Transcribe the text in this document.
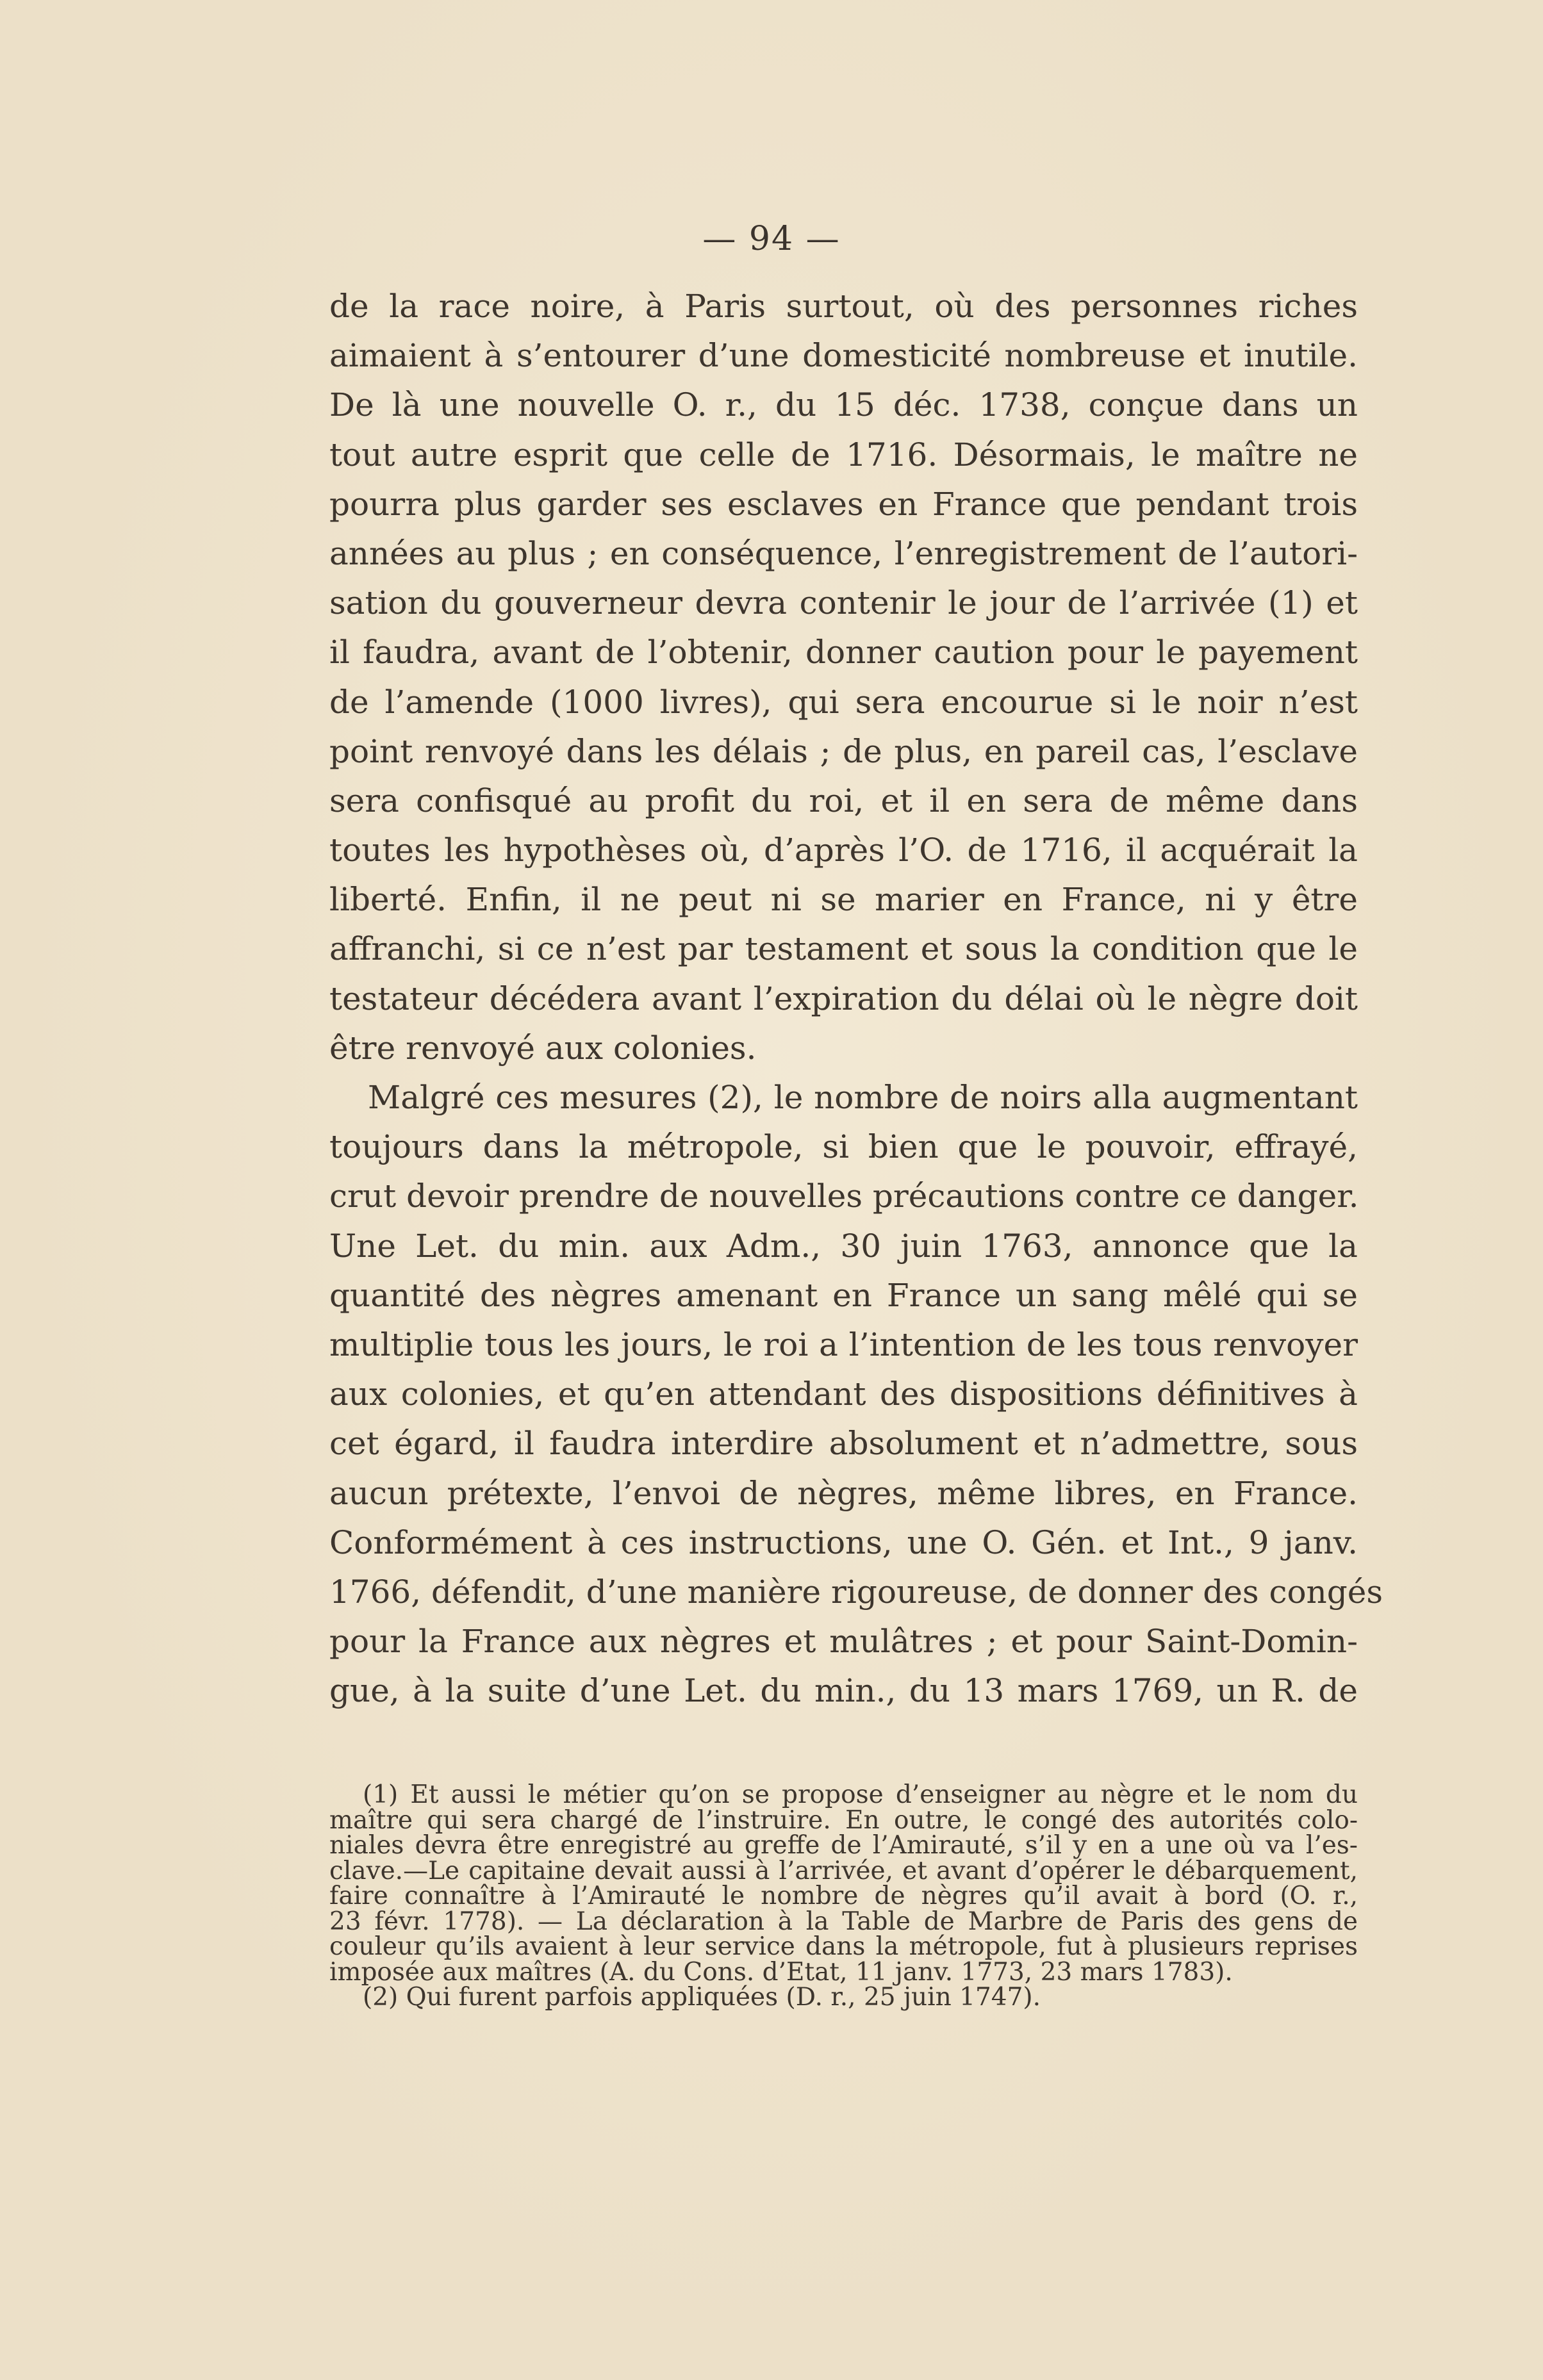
— 94 —
de la race noire, à Paris surtout, où des personnes riches
aimaient à s’entourer d’une domesticité nombreuse et inutile.
De là une nouvelle O. r., du 15 déc. 1738, conçue dans un
tout autre esprit que celle de 1716. Désormais, le maître ne
pourra plus garder ses esclaves en France que pendant trois
années au plus ; en conséquence, l’enregistrement de l’autori-
sation du gouverneur devra contenir le jour de l’arrivée (1) et
il faudra, avant de l’obtenir, donner caution pour le payement
de l’amende (1000 livres), qui sera encourue si le noir n’est
point renvoyé dans les délais ; de plus, en pareil cas, l’esclave
sera confisqué au profit du roi, et il en sera de même dans
toutes les hypothèses où, d’après l’O. de 1716, il acquérait la
liberté. Enfin, il ne peut ni se marier en France, ni y être
affranchi, si ce n’est par testament et sous la condition que le
testateur décédera avant l’expiration du délai où le nègre doit
être renvoyé aux colonies.
Malgré ces mesures (2), le nombre de noirs alla augmentant
toujours dans la métropole, si bien que le pouvoir, effrayé,
crut devoir prendre de nouvelles précautions contre ce danger.
Une Let. du min. aux Adm., 30 juin 1763, annonce que la
quantité des nègres amenant en France un sang mêlé qui se
multiplie tous les jours, le roi a l’intention de les tous renvoyer
aux colonies, et qu’en attendant des dispositions définitives à
cet égard, il faudra interdire absolument et n’admettre, sous
aucun prétexte, l’envoi de nègres, même libres, en France.
Conformément à ces instructions, une O. Gén. et Int., 9 janv.
1766, défendit, d’une manière rigoureuse, de donner des congés
pour la France aux nègres et mulâtres ; et pour Saint-Domin-
gue, à la suite d’une Let. du min., du 13 mars 1769, un R. de
(1) Et aussi le métier qu’on se propose d’enseigner au nègre et le nom du
maître qui sera chargé de l’instruire. En outre, le congé des autorités colo-
niales devra être enregistré au greffe de l’Amirauté, s’il y en a une où va l’es-
clave.—Le capitaine devait aussi à l’arrivée, et avant d’opérer le débarquement,
faire connaître à l’Amirauté le nombre de nègres qu’il avait à bord (O. r.,
23 févr. 1778). — La déclaration à la Table de Marbre de Paris des gens de
couleur qu’ils avaient à leur service dans la métropole, fut à plusieurs reprises
imposée aux maîtres (A. du Cons. d’Etat, 11 janv. 1773, 23 mars 1783).
(2) Qui furent parfois appliquées (D. r., 25 juin 1747).
